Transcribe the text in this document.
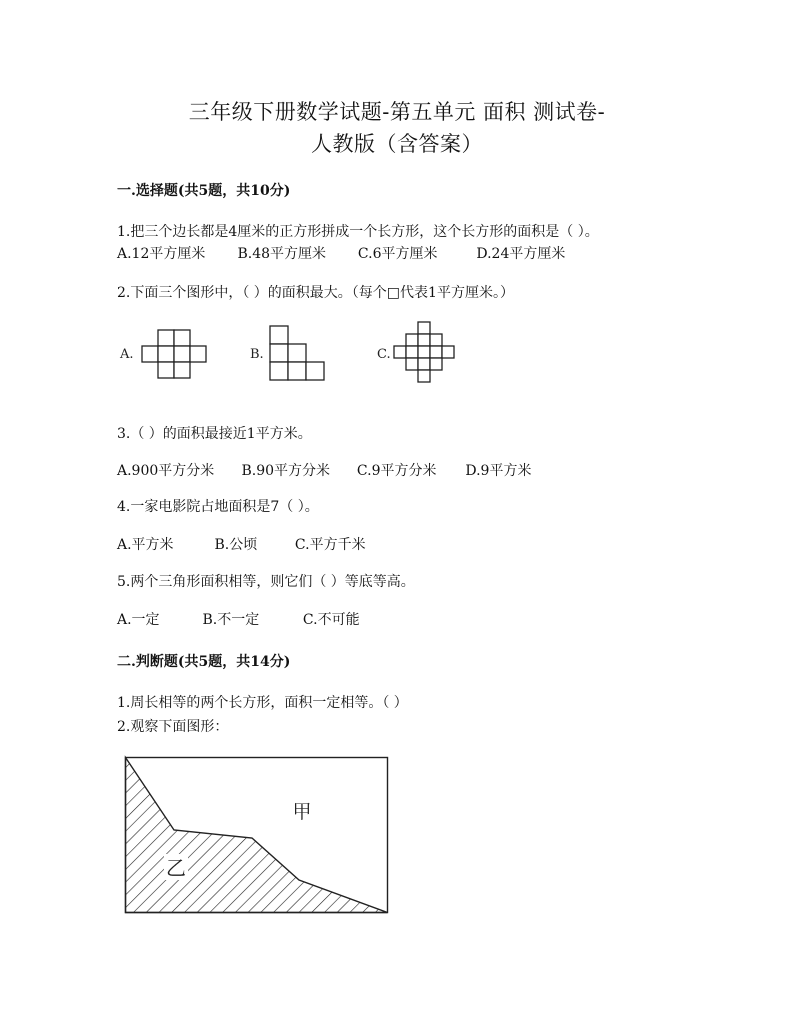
三年级下册数学试题-第五单元 面积 测试卷-
人教版（含答案）
一.选择题(共5题，共10分)
1.把三个边长都是4厘米的正方形拼成一个长方形，这个长方形的面积是（ ）。
A.12平方厘米 B.48平方厘米 C.6平方厘米	D.24平方厘米
2.下面三个图形中，（ ）的面积最大。（每个□代表1平方厘米。）
A.	B.	C.
3.（ ）的面积最接近1平方米。
A.900平方分米 B.90平方分米 C.9平方分米 D.9平方米
4.一家电影院占地面积是7（ ）。
A.平方米	B.公顷	C.平方千米
5.两个三角形面积相等，则它们（ ）等底等高。
A.一定	B.不一定	C.不可能
二.判断题(共5题，共14分)
1.周长相等的两个长方形，面积一定相等。（ ）
2.观察下面图形：
乙
甲
